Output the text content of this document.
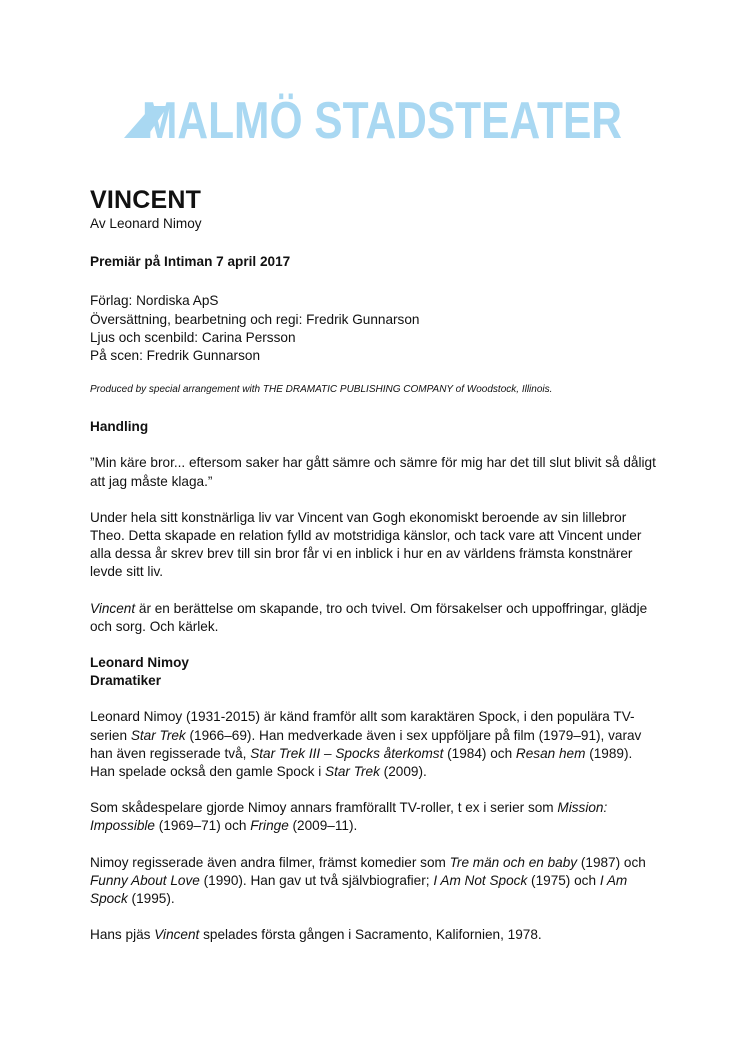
MALMÖ STADSTEATER
VINCENT

Av Leonard Nimoy

Premiär på Intiman 7 april 2017

Förlag: Nordiska ApS

Översättning, bearbetning och regi: Fredrik Gunnarson

Ljus och scenbild: Carina Persson

På scen: Fredrik Gunnarson

Produced by special arrangement with THE DRAMATIC PUBLISHING COMPANY of Woodstock, Illinois.

Handling

”Min käre bror... eftersom saker har gått sämre och sämre för mig har det till slut blivit så dåligt att jag måste klaga.”

Under hela sitt konstnärliga liv var Vincent van Gogh ekonomiskt beroende av sin lillebror Theo. Detta skapade en relation fylld av motstridiga känslor, och tack vare att Vincent under alla dessa år skrev brev till sin bror får vi en inblick i hur en av världens främsta konstnärer levde sitt liv.

Vincent är en berättelse om skapande, tro och tvivel. Om försakelser och uppoffringar, glädje och sorg. Och kärlek.

Leonard Nimoy

Dramatiker

Leonard Nimoy (1931-2015) är känd framför allt som karaktären Spock, i den populära TV-serien Star Trek (1966–69). Han medverkade även i sex uppföljare på film (1979–91), varav han även regisserade två, Star Trek III – Spocks återkomst (1984) och Resan hem (1989). Han spelade också den gamle Spock i Star Trek (2009).

Som skådespelare gjorde Nimoy annars framförallt TV-roller, t ex i serier som Mission: Impossible (1969–71) och Fringe (2009–11).

Nimoy regisserade även andra filmer, främst komedier som Tre män och en baby (1987) och Funny About Love (1990). Han gav ut två självbiografier; I Am Not Spock (1975) och I Am Spock (1995).

Hans pjäs Vincent spelades första gången i Sacramento, Kalifornien, 1978.
